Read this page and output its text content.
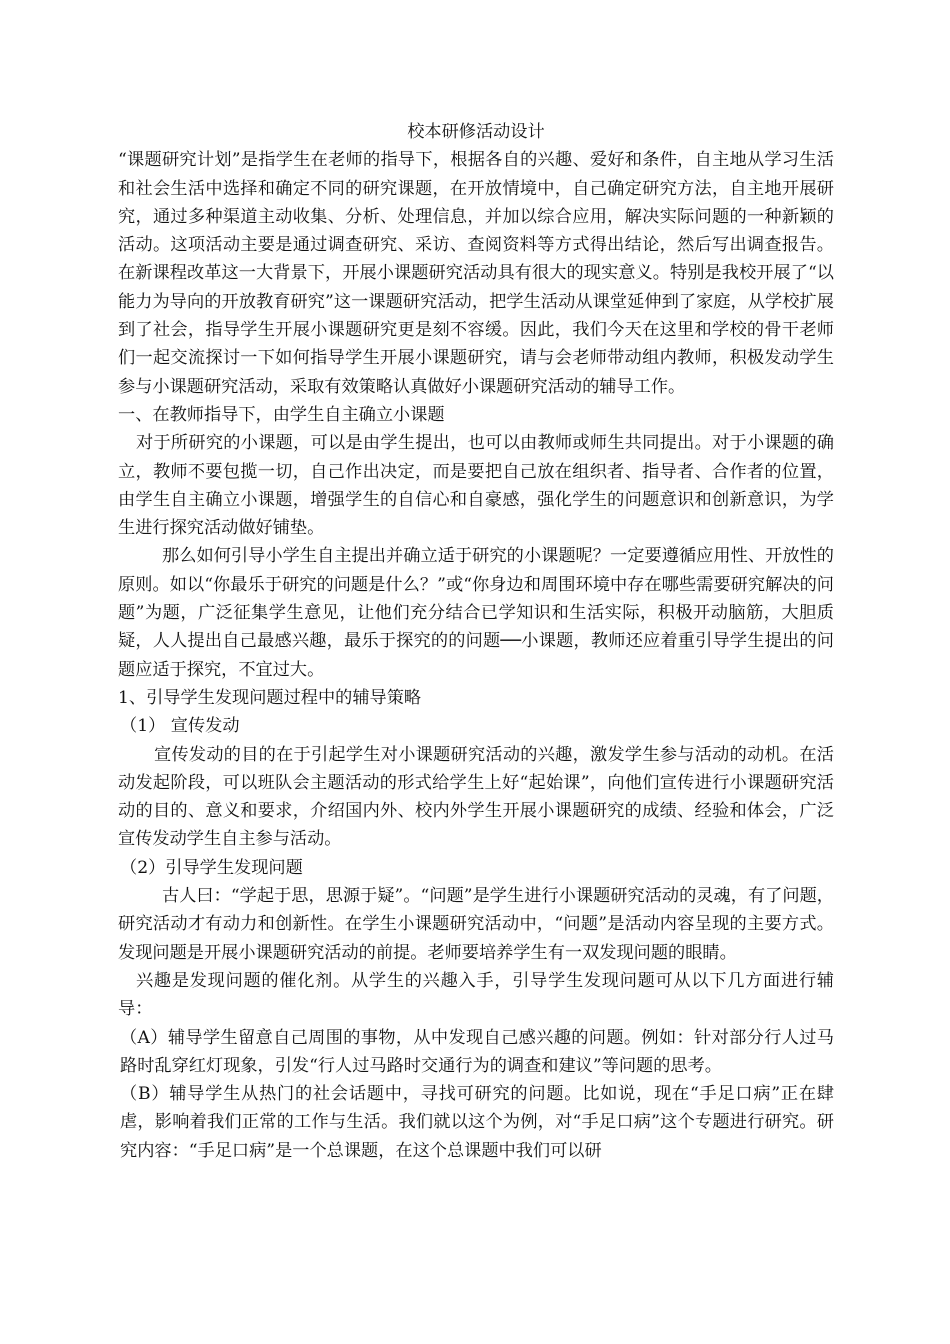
校本研修活动设计

“课题研究计划”是指学生在老师的指导下，根据各自的兴趣、爱好和条件，自主地从学习生活和社会生活中选择和确定不同的研究课题，在开放情境中，自己确定研究方法，自主地开展研究，通过多种渠道主动收集、分析、处理信息，并加以综合应用，解决实际问题的一种新颖的活动。这项活动主要是通过调查研究、采访、查阅资料等方式得出结论，然后写出调查报告。在新课程改革这一大背景下，开展小课题研究活动具有很大的现实意义。特别是我校开展了“以能力为导向的开放教育研究”这一课题研究活动，把学生活动从课堂延伸到了家庭，从学校扩展到了社会，指导学生开展小课题研究更是刻不容缓。因此，我们今天在这里和学校的骨干老师们一起交流探讨一下如何指导学生开展小课题研究，请与会老师带动组内教师，积极发动学生参与小课题研究活动，采取有效策略认真做好小课题研究活动的辅导工作。

一、在教师指导下，由学生自主确立小课题

对于所研究的小课题，可以是由学生提出，也可以由教师或师生共同提出。对于小课题的确立，教师不要包揽一切，自己作出决定，而是要把自己放在组织者、指导者、合作者的位置，由学生自主确立小课题，增强学生的自信心和自豪感，强化学生的问题意识和创新意识，为学生进行探究活动做好铺垫。

那么如何引导小学生自主提出并确立适于研究的小课题呢？一定要遵循应用性、开放性的原则。如以“你最乐于研究的问题是什么？”或“你身边和周围环境中存在哪些需要研究解决的问题”为题，广泛征集学生意见，让他们充分结合已学知识和生活实际，积极开动脑筋，大胆质疑，人人提出自己最感兴趣，最乐于探究的的问题──小课题，教师还应着重引导学生提出的问题应适于探究，不宜过大。

1、引导学生发现问题过程中的辅导策略

（1） 宣传发动

宣传发动的目的在于引起学生对小课题研究活动的兴趣，激发学生参与活动的动机。在活动发起阶段，可以班队会主题活动的形式给学生上好“起始课”，向他们宣传进行小课题研究活动的目的、意义和要求，介绍国内外、校内外学生开展小课题研究的成绩、经验和体会，广泛宣传发动学生自主参与活动。

（2）引导学生发现问题

古人曰：“学起于思，思源于疑”。“问题”是学生进行小课题研究活动的灵魂，有了问题，研究活动才有动力和创新性。在学生小课题研究活动中，“问题”是活动内容呈现的主要方式。发现问题是开展小课题研究活动的前提。老师要培养学生有一双发现问题的眼睛。

兴趣是发现问题的催化剂。从学生的兴趣入手，引导学生发现问题可从以下几方面进行辅导：

（A）辅导学生留意自己周围的事物，从中发现自己感兴趣的问题。例如：针对部分行人过马路时乱穿红灯现象，引发“行人过马路时交通行为的调查和建议”等问题的思考。

（B）辅导学生从热门的社会话题中，寻找可研究的问题。比如说，现在“手足口病”正在肆虐，影响着我们正常的工作与生活。我们就以这个为例，对“手足口病”这个专题进行研究。研究内容：“手足口病”是一个总课题，在这个总课题中我们可以研
